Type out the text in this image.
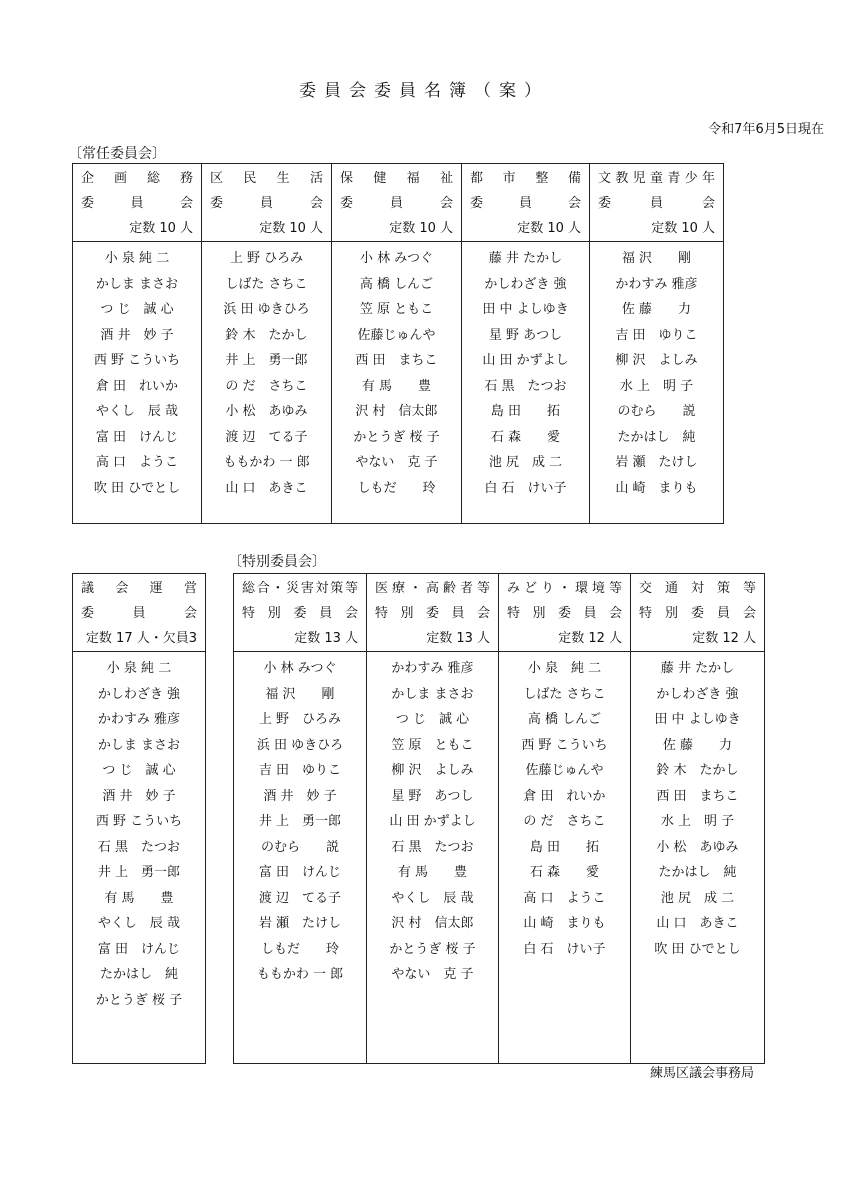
委員会委員名簿（案）
令和7年6月5日現在
〔常任委員会〕
企 画 総 務
委 員 会
定数 10 人
小 泉 純 二
かしま まさお
つ じ　誠 心
酒 井　妙 子
西 野 こういち
倉 田　れいか
やくし　辰 哉
富 田　けんじ
高 口　ようこ
吹 田 ひでとし
区 民 生 活
委 員 会
定数 10 人
上 野 ひろみ
しばた さちこ
浜 田 ゆきひろ
鈴 木　たかし
井 上　勇一郎
の だ　さちこ
小 松　あゆみ
渡 辺　てる子
ももかわ 一 郎
山 口　あきこ
保 健 福 祉
委 員 会
定数 10 人
小 林 みつぐ
高 橋 しんご
笠 原 ともこ
佐藤じゅんや
西 田　まちこ
有 馬　　豊
沢 村　信太郎
かとうぎ 桜 子
やない　克 子
しもだ　　玲
都 市 整 備
委 員 会
定数 10 人
藤 井 たかし
かしわざき 強
田 中 よしゆき
星 野 あつし
山 田 かずよし
石 黒　たつお
島 田　　拓
石 森　　愛
池 尻　成 二
白 石　けい子
文教児童青少年
委 員 会
定数 10 人
福 沢　　剛
かわすみ 雅彦
佐 藤　　力
吉 田　ゆりこ
柳 沢　よしみ
水 上　明 子
のむら　　説
たかはし　純
岩 瀬　たけし
山 崎　まりも
〔特別委員会〕
議 会 運 営
委 員 会
定数 17 人・欠員3
小 泉 純 二
かしわざき 強
かわすみ 雅彦
かしま まさお
つ じ　誠 心
酒 井　妙 子
西 野 こういち
石 黒　たつお
井 上　勇一郎
有 馬　　豊
やくし　辰 哉
富 田　けんじ
たかはし　純
かとうぎ 桜 子
総合・災害対策等
特 別 委 員 会
定数 13 人
小 林 みつぐ
福 沢　　剛
上 野　ひろみ
浜 田 ゆきひろ
吉 田　ゆりこ
酒 井　妙 子
井 上　勇一郎
のむら　　説
富 田　けんじ
渡 辺　てる子
岩 瀬　たけし
しもだ　　玲
ももかわ 一 郎
医療・高齢者等
特 別 委 員 会
定数 13 人
かわすみ 雅彦
かしま まさお
つ じ　誠 心
笠 原　ともこ
柳 沢　よしみ
星 野　あつし
山 田 かずよし
石 黒　たつお
有 馬　　豊
やくし　辰 哉
沢 村　信太郎
かとうぎ 桜 子
やない　克 子
みどり・環境等
特 別 委 員 会
定数 12 人
小 泉　純 二
しばた さちこ
高 橋 しんご
西 野 こういち
佐藤じゅんや
倉 田　れいか
の だ　さちこ
島 田　　拓
石 森　　愛
高 口　ようこ
山 崎　まりも
白 石　けい子
交 通 対 策 等
特 別 委 員 会
定数 12 人
藤 井 たかし
かしわざき 強
田 中 よしゆき
佐 藤　　力
鈴 木　たかし
西 田　まちこ
水 上　明 子
小 松　あゆみ
たかはし　純
池 尻　成 二
山 口　あきこ
吹 田 ひでとし
練馬区議会事務局
